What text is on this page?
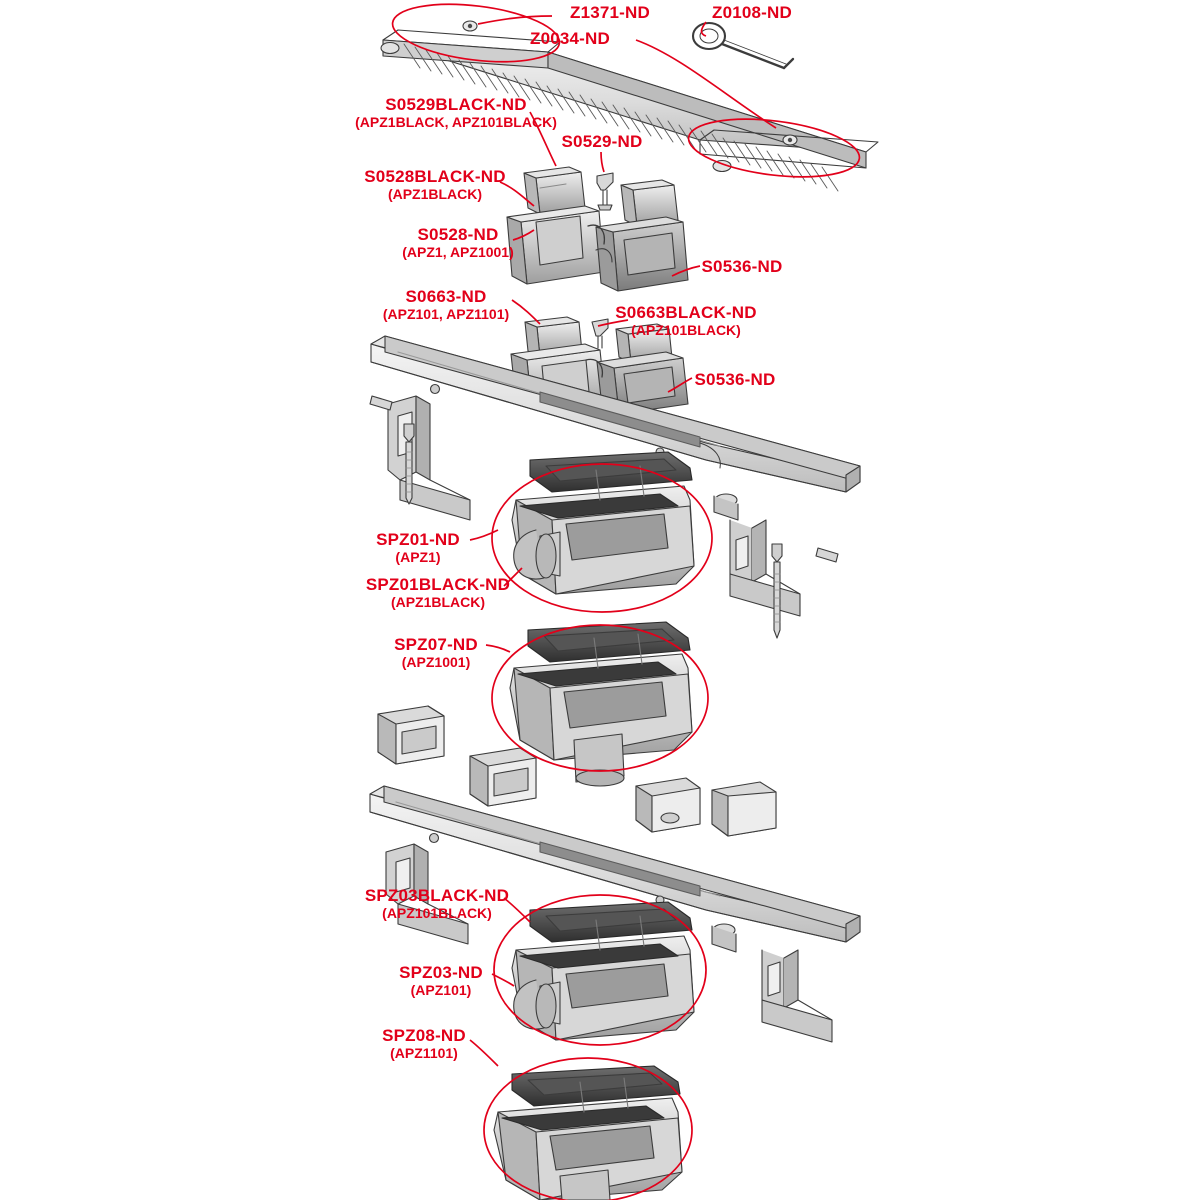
Z1371-ND	Z0108-ND
Z0034-ND
S0529BLACK-ND
(APZ1BLACK, APZ101BLACK)
S0529-ND
S0528BLACK-ND
(APZ1BLACK)
S0528-ND
(APZ1, APZ1001)
S0536-ND
S0663-ND
(APZ101, APZ1101)	S0663BLACK-ND
(APZ101BLACK)
S0536-ND
SPZ01-ND
(APZ1)
SPZ01BLACK-ND
(APZ1BLACK)
SPZ07-ND
(APZ1001)
SPZ03BLACK-ND
(APZ101BLACK)
SPZ03-ND
(APZ101)
SPZ08-ND
(APZ1101)
